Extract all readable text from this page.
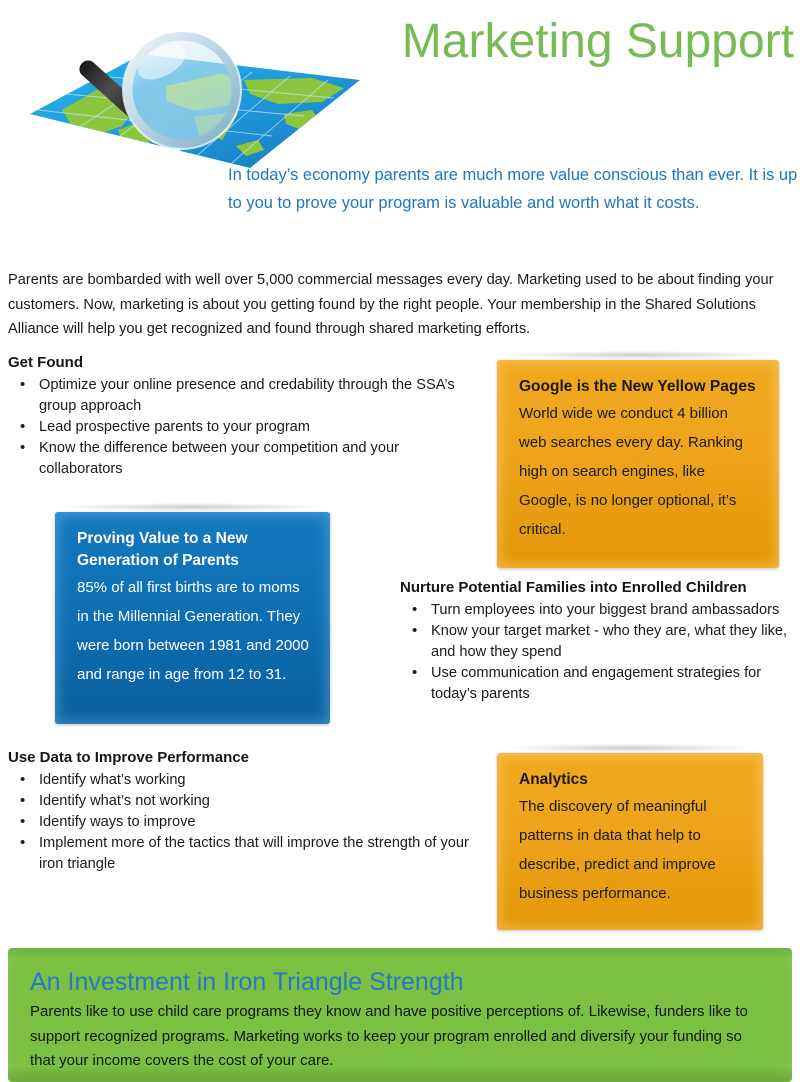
Marketing Support
In today’s economy parents are much more value conscious than ever. It is up to you to prove your program is valuable and worth what it costs.

Parents are bombarded with well over 5,000 commercial messages every day. Marketing used to be about finding your customers. Now, marketing is about you getting found by the right people. Your membership in the Shared Solutions Alliance will help you get recognized and found through shared marketing efforts.

Get Found
• Optimize your online presence and credability through the SSA’s group approach
• Lead prospective parents to your program
• Know the difference between your competition and your collaborators
Nurture Potential Families into Enrolled Children
• Turn employees into your biggest brand ambassadors
• Know your target market - who they are, what they like, and how they spend
• Use communication and engagement strategies for today’s parents
Use Data to Improve Performance
• Identify what’s working
• Identify what’s not working
• Identify ways to improve
• Implement more of the tactics that will improve the strength of your iron triangle
Google is the New Yellow Pages

World wide we conduct 4 billion web searches every day. Ranking high on search engines, like Google, is no longer optional, it’s critical.

Proving Value to a New Generation of Parents

85% of all first births are to moms in the Millennial Generation. They were born between 1981 and 2000 and range in age from 12 to 31.

Analytics

The discovery of meaningful patterns in data that help to describe, predict and improve business performance.

An Investment in Iron Triangle Strength

Parents like to use child care programs they know and have positive perceptions of. Likewise, funders like to support recognized programs. Marketing works to keep your program enrolled and diversify your funding so that your income covers the cost of your care.
